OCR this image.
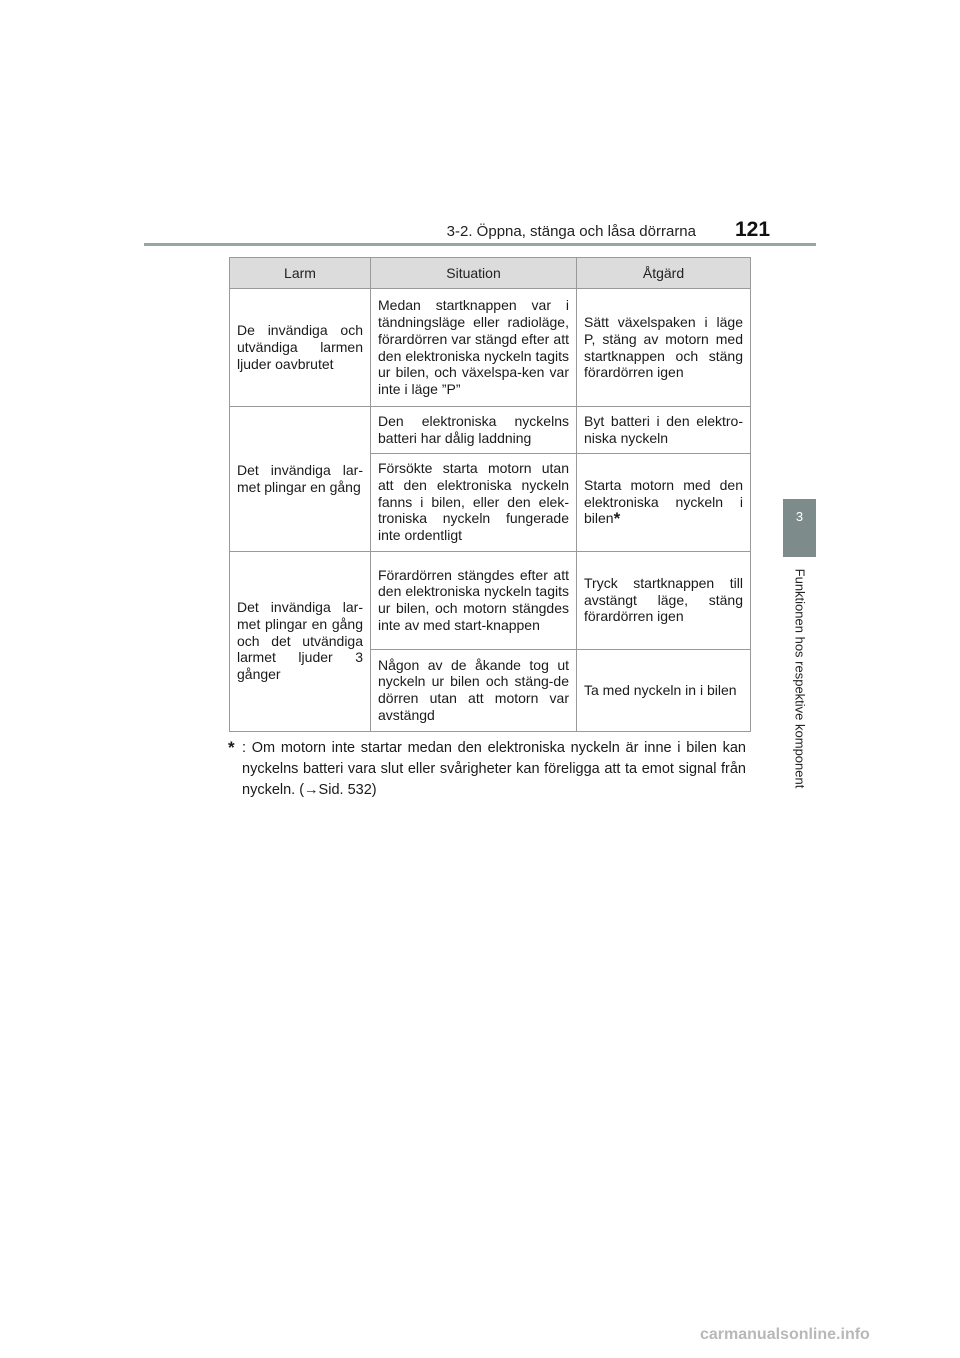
3-2. Öppna, stänga och låsa dörrarna 121
3
Funktionen hos respektive komponent
Larm	Situation	Åtgärd
De invändiga och utvändiga larmen ljuder oavbrutet	Medan startknappen var i tändningsläge eller radioläge, förardörren var stängd efter att den elektroniska nyckeln tagits ur bilen, och växelspa-ken var inte i läge ”P”	Sätt växelspaken i läge P, stäng av motorn med startknappen och stäng förardörren igen
Det invändiga lar-met plingar en gång	Den elektroniska nyckelns batteri har dålig laddning	Byt batteri i den elektro-niska nyckeln
	Försökte starta motorn utan att den elektroniska nyckeln fanns i bilen, eller den elek-troniska nyckeln fungerade inte ordentligt	Starta motorn med den elektroniska nyckeln i bilen*
Det invändiga lar-met plingar en gång och det utvändiga larmet ljuder 3 gånger	Förardörren stängdes efter att den elektroniska nyckeln tagits ur bilen, och motorn stängdes inte av med start-knappen	Tryck startknappen till avstängt läge, stäng förardörren igen
	Någon av de åkande tog ut nyckeln ur bilen och stäng-de dörren utan att motorn var avstängd	Ta med nyckeln in i bilen
* : Om motorn inte startar medan den elektroniska nyckeln är inne i bilen kan nyckelns batteri vara slut eller svårigheter kan föreligga att ta emot signal från nyckeln. (→Sid. 532)
carmanualsonline.info
